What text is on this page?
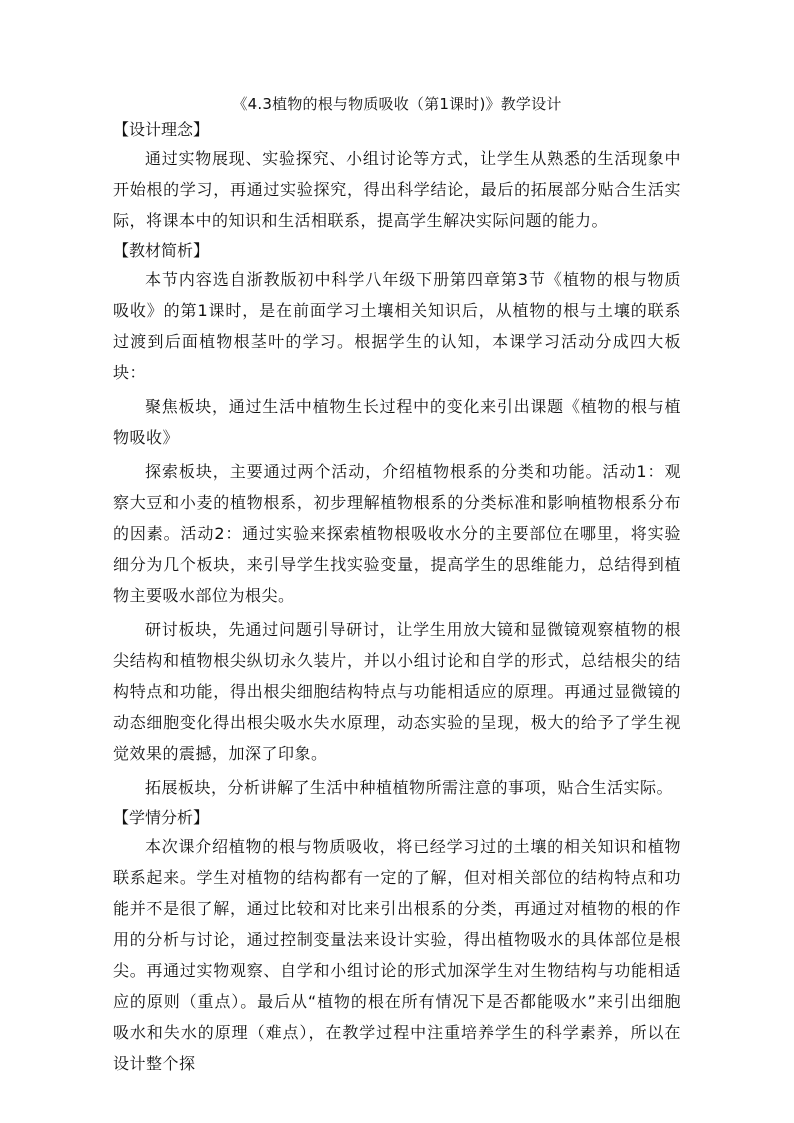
《4.3植物的根与物质吸收（第1课时)》教学设计
【设计理念】

通过实物展现、实验探究、小组讨论等方式，让学生从熟悉的生活现象中开始根的学习，再通过实验探究，得出科学结论，最后的拓展部分贴合生活实际，将课本中的知识和生活相联系，提高学生解决实际问题的能力。

【教材简析】

本节内容选自浙教版初中科学八年级下册第四章第3节《植物的根与物质吸收》的第1课时，是在前面学习土壤相关知识后，从植物的根与土壤的联系过渡到后面植物根茎叶的学习。根据学生的认知，本课学习活动分成四大板块：

聚焦板块，通过生活中植物生长过程中的变化来引出课题《植物的根与植物吸收》

探索板块，主要通过两个活动，介绍植物根系的分类和功能。活动1：观察大豆和小麦的植物根系，初步理解植物根系的分类标准和影响植物根系分布的因素。活动2：通过实验来探索植物根吸收水分的主要部位在哪里，将实验细分为几个板块，来引导学生找实验变量，提高学生的思维能力，总结得到植物主要吸水部位为根尖。

研讨板块，先通过问题引导研讨，让学生用放大镜和显微镜观察植物的根尖结构和植物根尖纵切永久装片，并以小组讨论和自学的形式，总结根尖的结构特点和功能，得出根尖细胞结构特点与功能相适应的原理。再通过显微镜的动态细胞变化得出根尖吸水失水原理，动态实验的呈现，极大的给予了学生视觉效果的震撼，加深了印象。

拓展板块，分析讲解了生活中种植植物所需注意的事项，贴合生活实际。

【学情分析】

本次课介绍植物的根与物质吸收，将已经学习过的土壤的相关知识和植物联系起来。学生对植物的结构都有一定的了解，但对相关部位的结构特点和功能并不是很了解，通过比较和对比来引出根系的分类，再通过对植物的根的作用的分析与讨论，通过控制变量法来设计实验，得出植物吸水的具体部位是根尖。再通过实物观察、自学和小组讨论的形式加深学生对生物结构与功能相适应的原则（重点）。最后从“植物的根在所有情况下是否都能吸水”来引出细胞吸水和失水的原理（难点），在教学过程中注重培养学生的科学素养，所以在设计整个探
